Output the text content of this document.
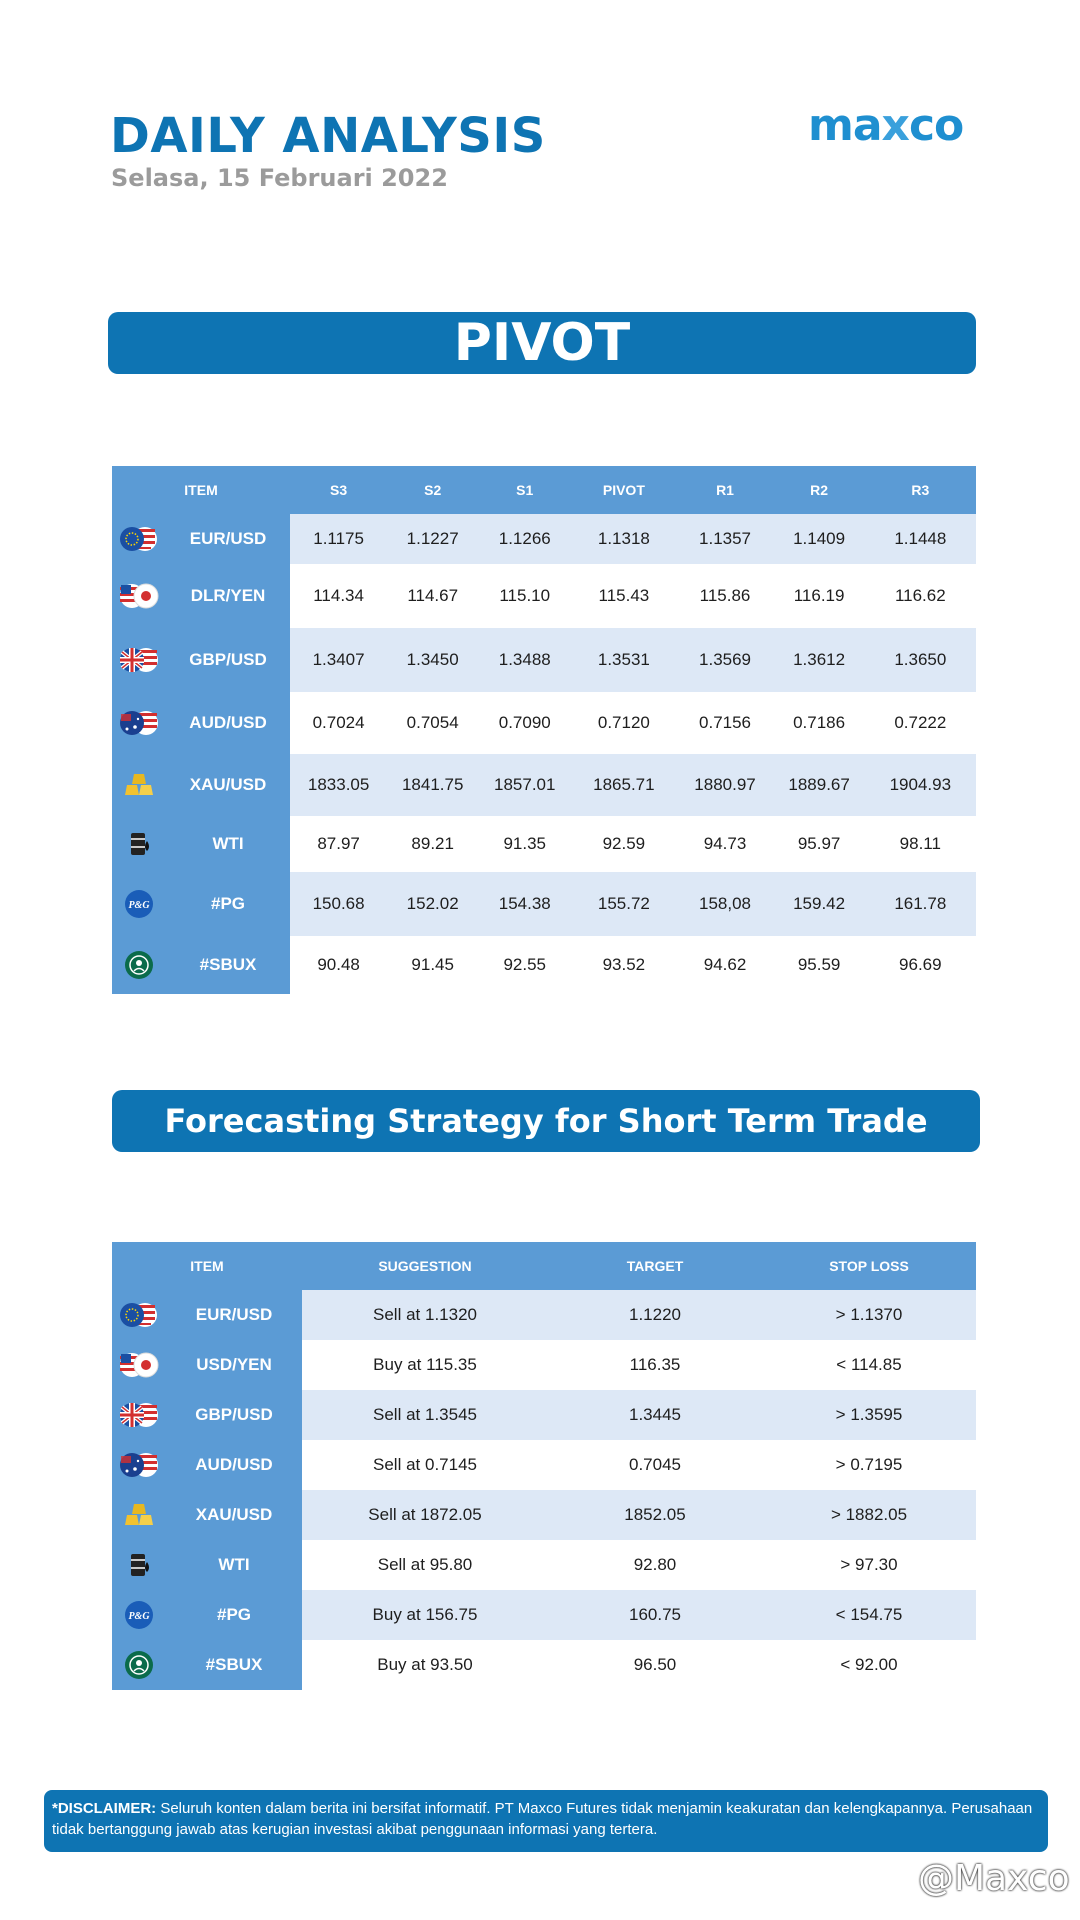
DAILY ANALYSIS
Selasa, 15 Februari 2022
maxco
PIVOT
ITEM	S3	S2	S1	PIVOT	R1	R2	R3

EUR/USD	1.1175	1.1227	1.1266	1.1318	1.1357	1.1409	1.1448

DLR/YEN	114.34	114.67	115.10	115.43	115.86	116.19	116.62

GBP/USD	1.3407	1.3450	1.3488	1.3531	1.3569	1.3612	1.3650

AUD/USD	0.7024	0.7054	0.7090	0.7120	0.7156	0.7186	0.7222

XAU/USD	1833.05	1841.75	1857.01	1865.71	1880.97	1889.67	1904.93

WTI	87.97	89.21	91.35	92.59	94.73	95.97	98.11

P&G #PG	150.68	152.02	154.38	155.72	158,08	159.42	161.78

#SBUX	90.48	91.45	92.55	93.52	94.62	95.59	96.69
Forecasting Strategy for Short Term Trade
ITEM	SUGGESTION	TARGET	STOP LOSS

EUR/USD	Sell at 1.1320	1.1220	> 1.1370

USD/YEN	Buy at 115.35	116.35	< 114.85

GBP/USD	Sell at 1.3545	1.3445	> 1.3595

AUD/USD	Sell at 0.7145	0.7045	> 0.7195

XAU/USD	Sell at 1872.05	1852.05	> 1882.05

WTI	Sell at 95.80	92.80	> 97.30

P&G #PG	Buy at 156.75	160.75	< 154.75

#SBUX	Buy at 93.50	96.50	< 92.00
*DISCLAIMER: Seluruh konten dalam berita ini bersifat informatif. PT Maxco Futures tidak menjamin keakuratan dan kelengkapannya. Perusahaan tidak bertanggung jawab atas kerugian investasi akibat penggunaan informasi yang tertera.
@Maxco
